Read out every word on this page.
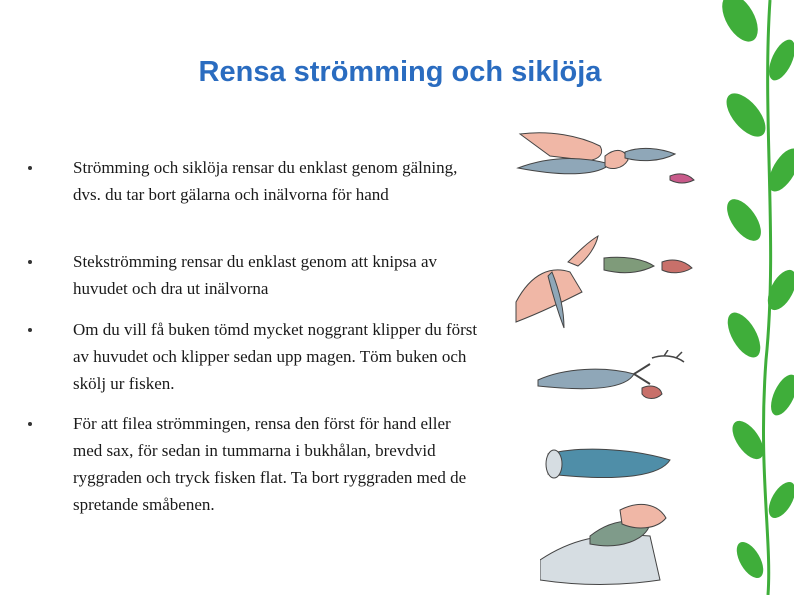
Rensa strömming och siklöja
Strömming och siklöja rensar du enklast genom gälning, dvs. du tar bort gälarna och inälvorna för hand
Stekströmming rensar du enklast genom att knipsa av huvudet och dra ut inälvorna
Om du vill få buken tömd mycket noggrant klipper du först av huvudet och klipper sedan upp magen. Töm buken och skölj ur fisken.
För att filea strömmingen, rensa den först för hand eller med sax, för sedan in tummarna i bukhålan, brevdvid ryggraden och tryck fisken flat. Ta bort ryggraden med de spretande småbenen.
